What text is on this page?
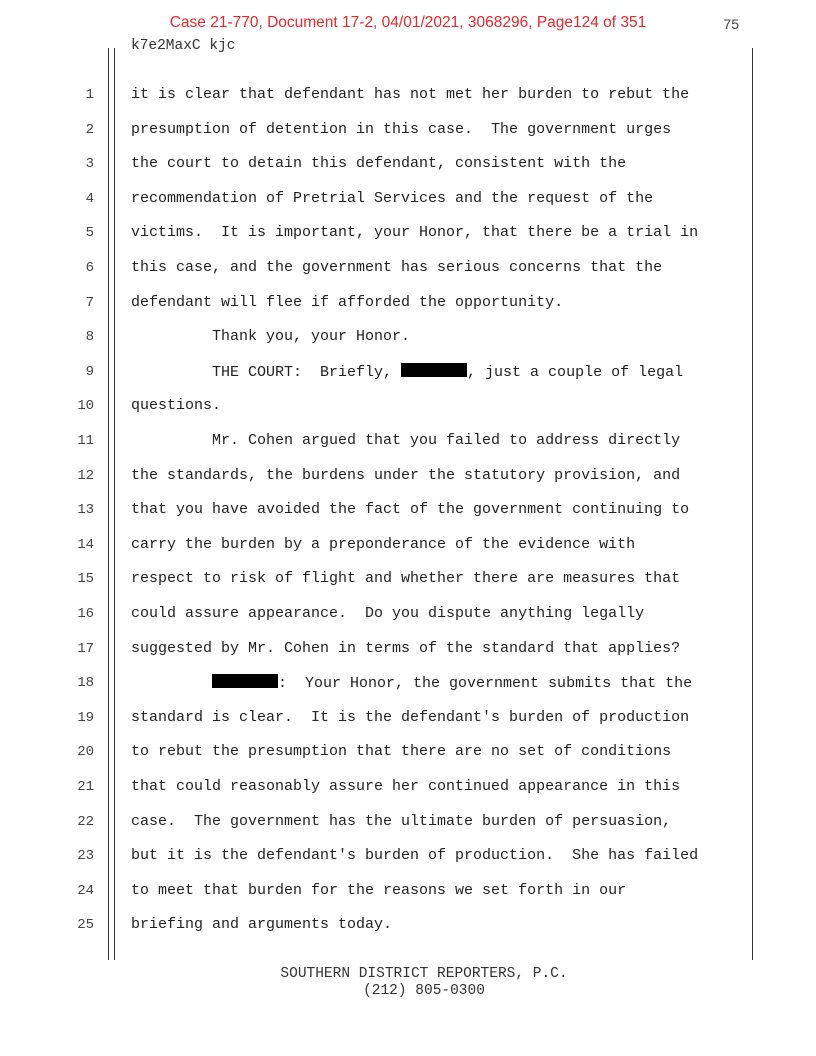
Case 21-770, Document 17-2, 04/01/2021, 3068296, Page124 of 351	75
k7e2MaxC kjc
1 it is clear that defendant has not met her burden to rebut the
2 presumption of detention in this case.  The government urges
3 the court to detain this defendant, consistent with the
4 recommendation of Pretrial Services and the request of the
5 victims.  It is important, your Honor, that there be a trial in
6 this case, and the government has serious concerns that the
7 defendant will flee if afforded the opportunity.
8 Thank you, your Honor.
9 THE COURT:  Briefly,	, just a couple of legal
10 questions.
11 Mr. Cohen argued that you failed to address directly
12 the standards, the burdens under the statutory provision, and
13 that you have avoided the fact of the government continuing to
14 carry the burden by a preponderance of the evidence with
15 respect to risk of flight and whether there are measures that
16 could assure appearance.  Do you dispute anything legally
17 suggested by Mr. Cohen in terms of the standard that applies?
18	:  Your Honor, the government submits that the
19 standard is clear.  It is the defendant's burden of production
20 to rebut the presumption that there are no set of conditions
21 that could reasonably assure her continued appearance in this
22 case.  The government has the ultimate burden of persuasion,
23 but it is the defendant's burden of production.  She has failed
24 to meet that burden for the reasons we set forth in our
25 briefing and arguments today.
SOUTHERN DISTRICT REPORTERS, P.C.
(212) 805-0300
